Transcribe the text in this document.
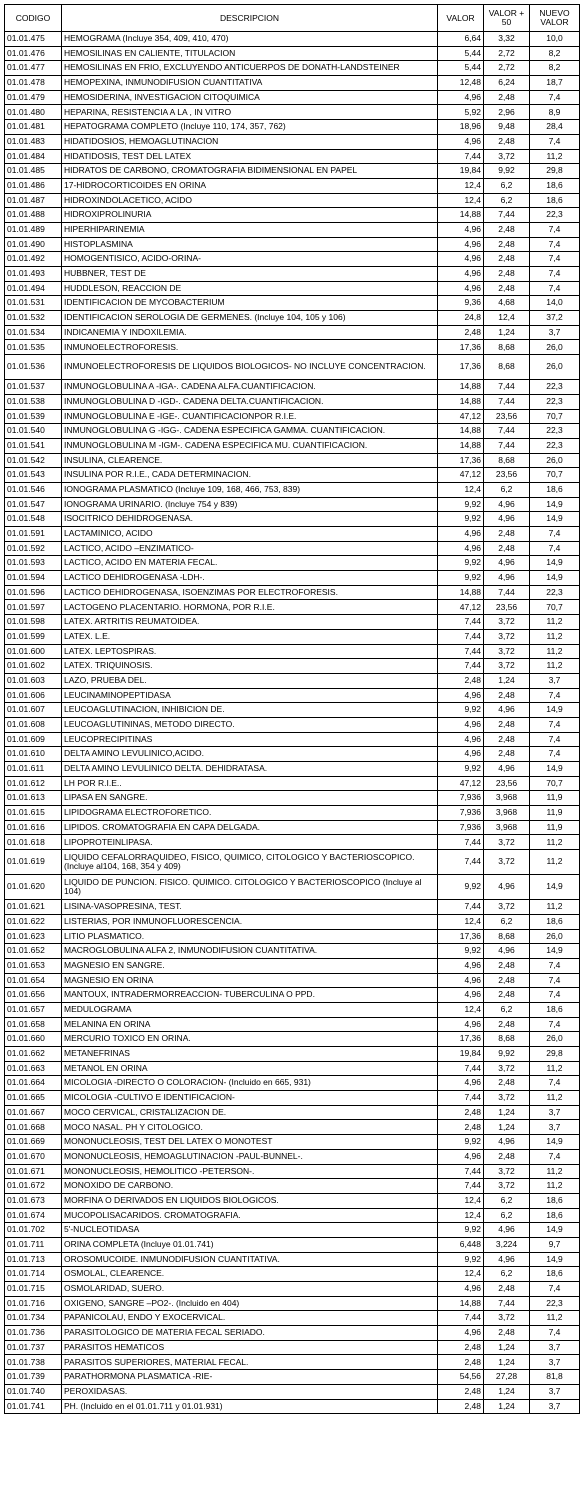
CODIGO	DESCRIPCION	VALOR	VALOR + 50	NUEVO VALOR
01.01.475	HEMOGRAMA (Incluye 354, 409, 410, 470)	6,64	3,32	10,0
01.01.476	HEMOSILINAS EN CALIENTE, TITULACION	5,44	2,72	8,2
01.01.477	HEMOSILINAS EN FRIO, EXCLUYENDO ANTICUERPOS DE DONATH-LANDSTEINER	5,44	2,72	8,2
01.01.478	HEMOPEXINA, INMUNODIFUSION CUANTITATIVA	12,48	6,24	18,7
01.01.479	HEMOSIDERINA, INVESTIGACION CITOQUIMICA	4,96	2,48	7,4
01.01.480	HEPARINA, RESISTENCIA A LA , IN VITRO	5,92	2,96	8,9
01.01.481	HEPATOGRAMA COMPLETO (Incluye 110, 174, 357, 762)	18,96	9,48	28,4
01.01.483	HIDATIDOSIOS, HEMOAGLUTINACION	4,96	2,48	7,4
01.01.484	HIDATIDOSIS, TEST DEL LATEX	7,44	3,72	11,2
01.01.485	HIDRATOS DE CARBONO, CROMATOGRAFIA BIDIMENSIONAL EN PAPEL	19,84	9,92	29,8
01.01.486	17-HIDROCORTICOIDES EN ORINA	12,4	6,2	18,6
01.01.487	HIDROXINDOLACETICO, ACIDO	12,4	6,2	18,6
01.01.488	HIDROXIPROLINURIA	14,88	7,44	22,3
01.01.489	HIPERHIPARINEMIA	4,96	2,48	7,4
01.01.490	HISTOPLASMINA	4,96	2,48	7,4
01.01.492	HOMOGENTISICO, ACIDO-ORINA-	4,96	2,48	7,4
01.01.493	HUBBNER, TEST DE	4,96	2,48	7,4
01.01.494	HUDDLESON, REACCION DE	4,96	2,48	7,4
01.01.531	IDENTIFICACION DE MYCOBACTERIUM	9,36	4,68	14,0
01.01.532	IDENTIFICACION SEROLOGIA DE GERMENES. (Incluye 104, 105 y 106)	24,8	12,4	37,2
01.01.534	INDICANEMIA Y INDOXILEMIA.	2,48	1,24	3,7
01.01.535	INMUNOELECTROFORESIS.	17,36	8,68	26,0
01.01.536	INMUNOELECTROFORESIS DE LIQUIDOS BIOLOGICOS- NO INCLUYE CONCENTRACION.	17,36	8,68	26,0
01.01.537	INMUNOGLOBULINA A -IGA-. CADENA ALFA.CUANTIFICACION.	14,88	7,44	22,3
01.01.538	INMUNOGLOBULINA D -IGD-. CADENA DELTA.CUANTIFICACION.	14,88	7,44	22,3
01.01.539	INMUNOGLOBULINA E -IGE-. CUANTIFICACIONPOR R.I.E.	47,12	23,56	70,7
01.01.540	INMUNOGLOBULINA G -IGG-. CADENA ESPECIFICA GAMMA. CUANTIFICACION.	14,88	7,44	22,3
01.01.541	INMUNOGLOBULINA M -IGM-. CADENA ESPECIFICA MU. CUANTIFICACION.	14,88	7,44	22,3
01.01.542	INSULINA, CLEARENCE.	17,36	8,68	26,0
01.01.543	INSULINA POR R.I.E., CADA DETERMINACION.	47,12	23,56	70,7
01.01.546	IONOGRAMA PLASMATICO (Incluye 109, 168, 466, 753, 839)	12,4	6,2	18,6
01.01.547	IONOGRAMA URINARIO. (Incluye 754 y 839)	9,92	4,96	14,9
01.01.548	ISOCITRICO DEHIDROGENASA.	9,92	4,96	14,9
01.01.591	LACTAMINICO, ACIDO	4,96	2,48	7,4
01.01.592	LACTICO, ACIDO –ENZIMATICO-	4,96	2,48	7,4
01.01.593	LACTICO, ACIDO EN MATERIA FECAL.	9,92	4,96	14,9
01.01.594	LACTICO DEHIDROGENASA -LDH-.	9,92	4,96	14,9
01.01.596	LACTICO DEHIDROGENASA, ISOENZIMAS POR ELECTROFORESIS.	14,88	7,44	22,3
01.01.597	LACTOGENO PLACENTARIO. HORMONA, POR R.I.E.	47,12	23,56	70,7
01.01.598	LATEX. ARTRITIS REUMATOIDEA.	7,44	3,72	11,2
01.01.599	LATEX. L.E.	7,44	3,72	11,2
01.01.600	LATEX. LEPTOSPIRAS.	7,44	3,72	11,2
01.01.602	LATEX. TRIQUINOSIS.	7,44	3,72	11,2
01.01.603	LAZO, PRUEBA DEL.	2,48	1,24	3,7
01.01.606	LEUCINAMINOPEPTIDASA	4,96	2,48	7,4
01.01.607	LEUCOAGLUTINACION, INHIBICION DE.	9,92	4,96	14,9
01.01.608	LEUCOAGLUTININAS, METODO DIRECTO.	4,96	2,48	7,4
01.01.609	LEUCOPRECIPITINAS	4,96	2,48	7,4
01.01.610	DELTA AMINO LEVULINICO,ACIDO.	4,96	2,48	7,4
01.01.611	DELTA AMINO LEVULINICO DELTA. DEHIDRATASA.	9,92	4,96	14,9
01.01.612	LH POR R.I.E..	47,12	23,56	70,7
01.01.613	LIPASA EN SANGRE.	7,936	3,968	11,9
01.01.615	LIPIDOGRAMA ELECTROFORETICO.	7,936	3,968	11,9
01.01.616	LIPIDOS. CROMATOGRAFIA EN CAPA DELGADA.	7,936	3,968	11,9
01.01.618	LIPOPROTEINLIPASA.	7,44	3,72	11,2
01.01.619	LIQUIDO CEFALORRAQUIDEO, FISICO, QUIMICO, CITOLOGICO Y BACTERIOSCOPICO. (Incluye al104, 168, 354 y 409)	7,44	3,72	11,2
01.01.620	LIQUIDO DE PUNCION. FISICO. QUIMICO. CITOLOGICO Y BACTERIOSCOPICO (Incluye al 104)	9,92	4,96	14,9
01.01.621	LISINA-VASOPRESINA, TEST.	7,44	3,72	11,2
01.01.622	LISTERIAS, POR INMUNOFLUORESCENCIA.	12,4	6,2	18,6
01.01.623	LITIO PLASMATICO.	17,36	8,68	26,0
01.01.652	MACROGLOBULINA ALFA 2, INMUNODIFUSION CUANTITATIVA.	9,92	4,96	14,9
01.01.653	MAGNESIO EN SANGRE.	4,96	2,48	7,4
01.01.654	MAGNESIO EN ORINA	4,96	2,48	7,4
01.01.656	MANTOUX, INTRADERMORREACCION- TUBERCULINA O PPD.	4,96	2,48	7,4
01.01.657	MEDULOGRAMA	12,4	6,2	18,6
01.01.658	MELANINA EN ORINA	4,96	2,48	7,4
01.01.660	MERCURIO TOXICO EN ORINA.	17,36	8,68	26,0
01.01.662	METANEFRINAS	19,84	9,92	29,8
01.01.663	METANOL EN ORINA	7,44	3,72	11,2
01.01.664	MICOLOGIA -DIRECTO O COLORACION- (Incluido en 665, 931)	4,96	2,48	7,4
01.01.665	MICOLOGIA -CULTIVO E IDENTIFICACION-	7,44	3,72	11,2
01.01.667	MOCO CERVICAL, CRISTALIZACION DE.	2,48	1,24	3,7
01.01.668	MOCO NASAL. PH Y CITOLOGICO.	2,48	1,24	3,7
01.01.669	MONONUCLEOSIS, TEST DEL LATEX O MONOTEST	9,92	4,96	14,9
01.01.670	MONONUCLEOSIS, HEMOAGLUTINACION -PAUL-BUNNEL-.	4,96	2,48	7,4
01.01.671	MONONUCLEOSIS, HEMOLITICO -PETERSON-.	7,44	3,72	11,2
01.01.672	MONOXIDO DE CARBONO.	7,44	3,72	11,2
01.01.673	MORFINA O DERIVADOS EN LIQUIDOS BIOLOGICOS.	12,4	6,2	18,6
01.01.674	MUCOPOLISACARIDOS. CROMATOGRAFIA.	12,4	6,2	18,6
01.01.702	5'-NUCLEOTIDASA	9,92	4,96	14,9
01.01.711	ORINA COMPLETA (Incluye 01.01.741)	6,448	3,224	9,7
01.01.713	OROSOMUCOIDE. INMUNODIFUSION CUANTITATIVA.	9,92	4,96	14,9
01.01.714	OSMOLAL, CLEARENCE.	12,4	6,2	18,6
01.01.715	OSMOLARIDAD, SUERO.	4,96	2,48	7,4
01.01.716	OXIGENO, SANGRE –PO2-. (Incluido en 404)	14,88	7,44	22,3
01.01.734	PAPANICOLAU, ENDO Y EXOCERVICAL.	7,44	3,72	11,2
01.01.736	PARASITOLOGICO DE MATERIA FECAL SERIADO.	4,96	2,48	7,4
01.01.737	PARASITOS HEMATICOS	2,48	1,24	3,7
01.01.738	PARASITOS SUPERIORES, MATERIAL FECAL.	2,48	1,24	3,7
01.01.739	PARATHORMONA PLASMATICA -RIE-	54,56	27,28	81,8
01.01.740	PEROXIDASAS.	2,48	1,24	3,7
01.01.741	PH. (Incluido en el 01.01.711 y 01.01.931)	2,48	1,24	3,7
